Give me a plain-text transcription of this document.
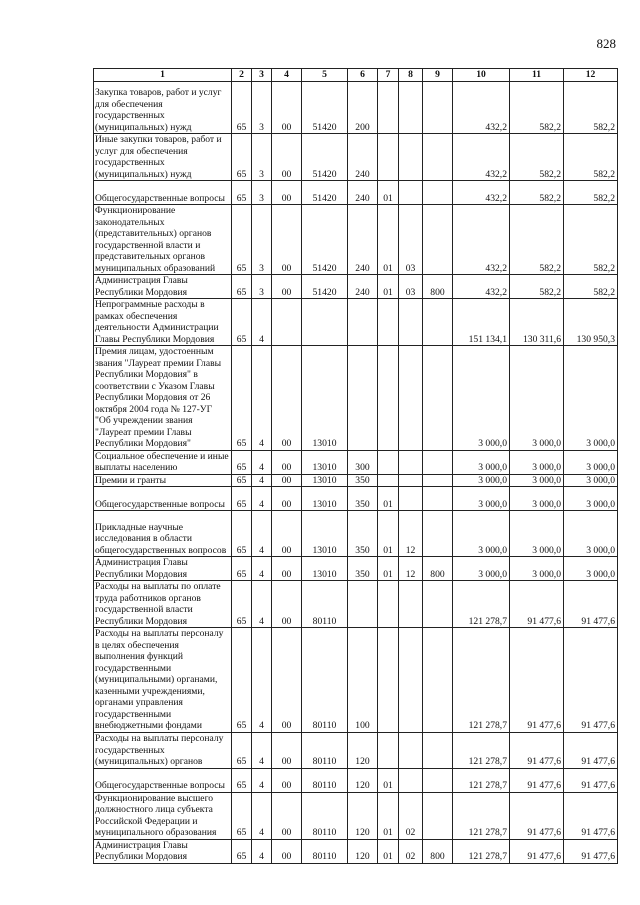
828
1	2	3	4	5	6	7	8	9	10	11	12
Закупка товаров, работ и услуг для обеспечения государственных (муниципальных) нужд	65	3	00	51420	200				432,2	582,2	582,2
Иные закупки товаров, работ и услуг для обеспечения государственных (муниципальных) нужд	65	3	00	51420	240				432,2	582,2	582,2
Общегосударственные вопросы	65	3	00	51420	240	01			432,2	582,2	582,2
Функционирование законодательных (представительных) органов государственной власти и представительных органов муниципальных образований	65	3	00	51420	240	01	03		432,2	582,2	582,2
Администрация Главы Республики Мордовия	65	3	00	51420	240	01	03	800	432,2	582,2	582,2
Непрограммные расходы в рамках обеспечения деятельности Администрации Главы Республики Мордовия	65	4							151 134,1	130 311,6	130 950,3
Премия лицам, удостоенным звания "Лауреат премии Главы Республики Мордовия" в соответствии с Указом Главы Республики Мордовия от 26 октября 2004 года № 127-УГ "Об учреждении звания "Лауреат премии Главы Республики Мордовия"	65	4	00	13010					3 000,0	3 000,0	3 000,0
Социальное обеспечение и иные выплаты населению	65	4	00	13010	300				3 000,0	3 000,0	3 000,0
Премии и гранты	65	4	00	13010	350				3 000,0	3 000,0	3 000,0
Общегосударственные вопросы	65	4	00	13010	350	01			3 000,0	3 000,0	3 000,0
Прикладные научные исследования в области общегосударственных вопросов	65	4	00	13010	350	01	12		3 000,0	3 000,0	3 000,0
Администрация Главы Республики Мордовия	65	4	00	13010	350	01	12	800	3 000,0	3 000,0	3 000,0
Расходы на выплаты по оплате труда работников органов государственной власти Республики Мордовия	65	4	00	80110					121 278,7	91 477,6	91 477,6
Расходы на выплаты персоналу в целях обеспечения выполнения функций государственными (муниципальными) органами, казенными учреждениями, органами управления государственными внебюджетными фондами	65	4	00	80110	100				121 278,7	91 477,6	91 477,6
Расходы на выплаты персоналу государственных (муниципальных) органов	65	4	00	80110	120				121 278,7	91 477,6	91 477,6
Общегосударственные вопросы	65	4	00	80110	120	01			121 278,7	91 477,6	91 477,6
Функционирование высшего должностного лица субъекта Российской Федерации и муниципального образования	65	4	00	80110	120	01	02		121 278,7	91 477,6	91 477,6
Администрация Главы Республики Мордовия	65	4	00	80110	120	01	02	800	121 278,7	91 477,6	91 477,6
